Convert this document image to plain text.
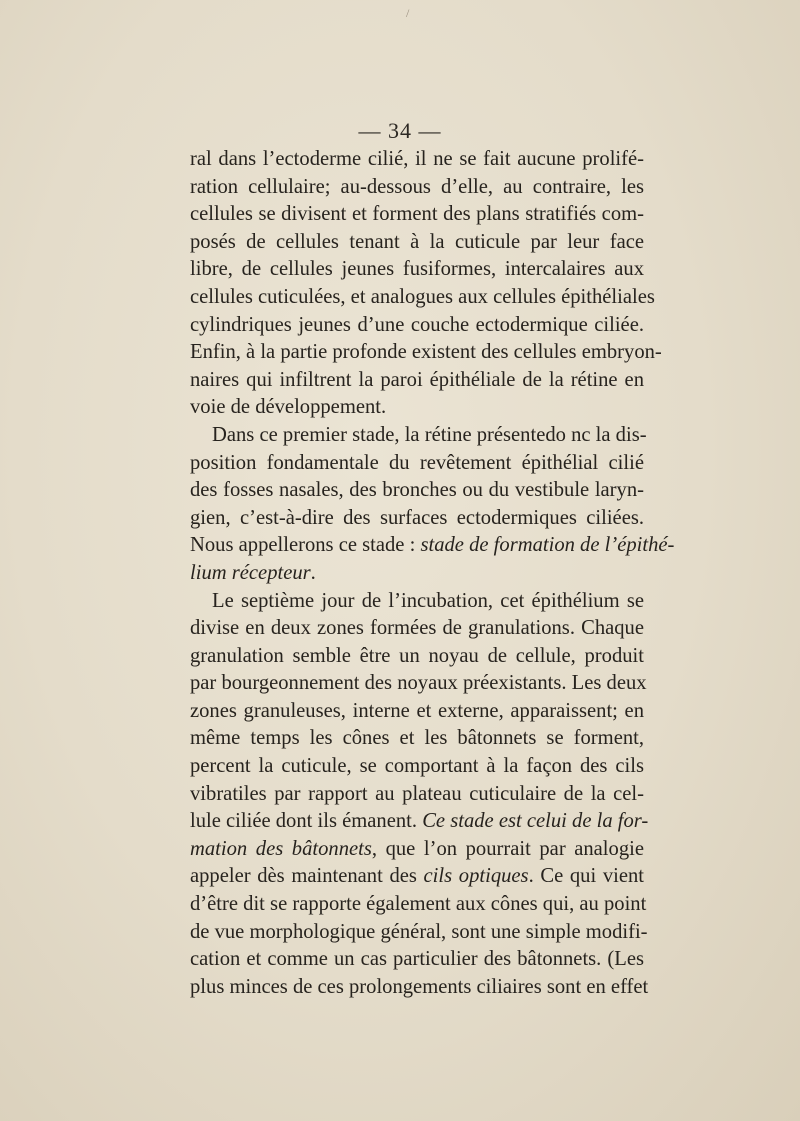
/
— 34 —
ral dans l’ectoderme cilié, il ne se fait aucune prolifé-
ration cellulaire; au-dessous d’elle, au contraire, les
cellules se divisent et forment des plans stratifiés com-
posés de cellules tenant à la cuticule par leur face
libre, de cellules jeunes fusiformes, intercalaires aux
cellules cuticulées, et analogues aux cellules épithéliales
cylindriques jeunes d’une couche ectodermique ciliée.
Enfin, à la partie profonde existent des cellules embryon-
naires qui infiltrent la paroi épithéliale de la rétine en
voie de développement.
Dans ce premier stade, la rétine présentedo nc la dis-
position fondamentale du revêtement épithélial cilié
des fosses nasales, des bronches ou du vestibule laryn-
gien, c’est-à-dire des surfaces ectodermiques ciliées.
Nous appellerons ce stade : stade de formation de l’épithé-
lium récepteur.
Le septième jour de l’incubation, cet épithélium se
divise en deux zones formées de granulations. Chaque
granulation semble être un noyau de cellule, produit
par bourgeonnement des noyaux préexistants. Les deux
zones granuleuses, interne et externe, apparaissent; en
même temps les cônes et les bâtonnets se forment,
percent la cuticule, se comportant à la façon des cils
vibratiles par rapport au plateau cuticulaire de la cel-
lule ciliée dont ils émanent. Ce stade est celui de la for-
mation des bâtonnets, que l’on pourrait par analogie
appeler dès maintenant des cils optiques. Ce qui vient
d’être dit se rapporte également aux cônes qui, au point
de vue morphologique général, sont une simple modifi-
cation et comme un cas particulier des bâtonnets. (Les
plus minces de ces prolongements ciliaires sont en effet
